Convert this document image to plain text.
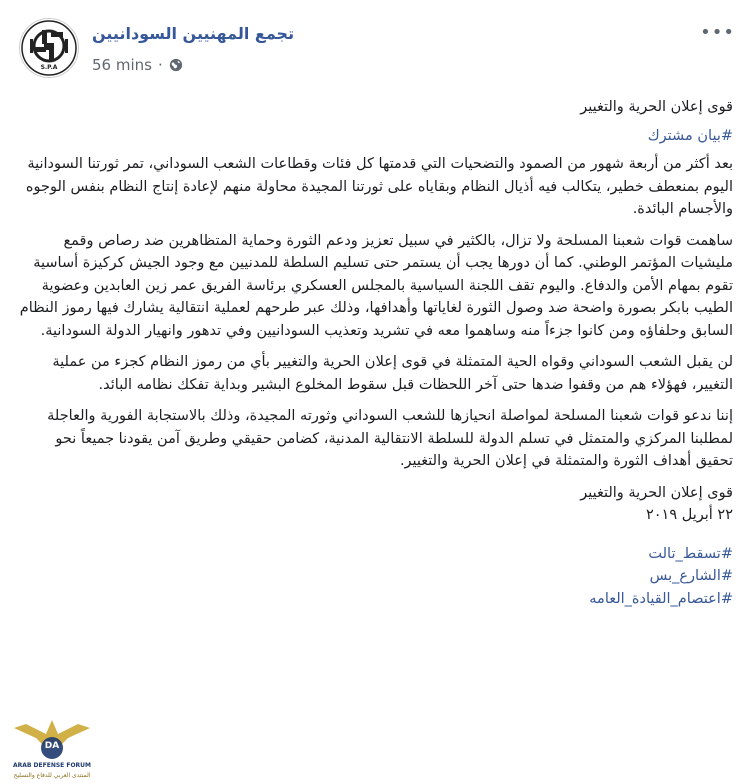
S.P.A
تجمع المهنيين السودانيين
56 mins ·
•••

قوى إعلان الحرية والتغيير

#بيان مشترك

بعد أكثر من أربعة شهور من الصمود والتضحيات التي قدمتها كل فئات وقطاعات الشعب السوداني، تمر ثورتنا السودانية اليوم بمنعطف خطير، يتكالب فيه أذيال النظام وبقاياه على ثورتنا المجيدة محاولة منهم لإعادة إنتاج النظام بنفس الوجوه والأجسام البائدة.

ساهمت قوات شعبنا المسلحة ولا تزال، بالكثير في سبيل تعزيز ودعم الثورة وحماية المتظاهرين ضد رصاص وقمع مليشيات المؤتمر الوطني. كما أن دورها يجب أن يستمر حتى تسليم السلطة للمدنيين مع وجود الجيش كركيزة أساسية تقوم بمهام الأمن والدفاع. واليوم تقف اللجنة السياسية بالمجلس العسكري برئاسة الفريق عمر زين العابدين وعضوية الطيب بابكر بصورة واضحة ضد وصول الثورة لغاياتها وأهدافها، وذلك عبر طرحهم لعملية انتقالية يشارك فيها رموز النظام السابق وحلفاؤه ومن كانوا جزءاً منه وساهموا معه في تشريد وتعذيب السودانيين وفي تدهور وانهيار الدولة السودانية.

لن يقبل الشعب السوداني وقواه الحية المتمثلة في قوى إعلان الحرية والتغيير بأي من رموز النظام كجزء من عملية التغيير، فهؤلاء هم من وقفوا ضدها حتى آخر اللحظات قبل سقوط المخلوع البشير وبداية تفكك نظامه البائد.

إننا ندعو قوات شعبنا المسلحة لمواصلة انحيازها للشعب السوداني وثورته المجيدة، وذلك بالاستجابة الفورية والعاجلة لمطلبنا المركزي والمتمثل في تسلم الدولة للسلطة الانتقالية المدنية، كضامن حقيقي وطريق آمن يقودنا جميعاً نحو تحقيق أهداف الثورة والمتمثلة في إعلان الحرية والتغيير.

قوى إعلان الحرية والتغيير
٢٢ أبريل ٢٠١٩
#تسقط_تالت
#الشارع_بس
#اعتصام_القيادة_العامه
DA
ARAB DEFENSE FORUM
المنتدى العربي للدفاع والتسليح
